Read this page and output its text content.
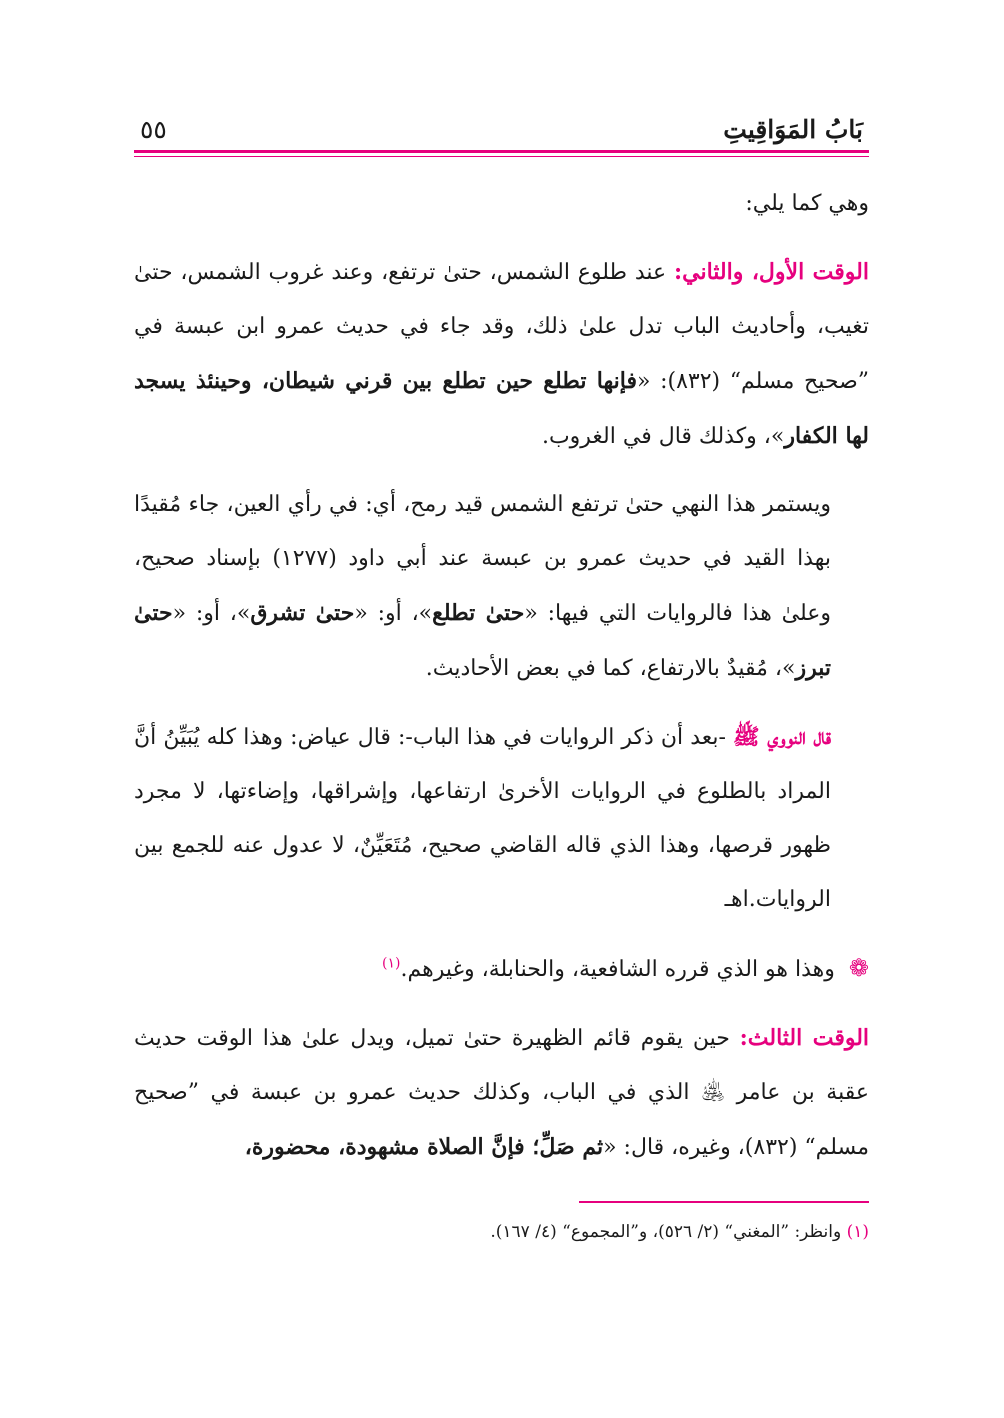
بَابُ المَوَاقِيتِ
٥٥

وهي كما يلي:

الوقت الأول، والثاني: عند طلوع الشمس، حتىٰ ترتفع، وعند غروب الشمس، حتىٰ تغيب، وأحاديث الباب تدل علىٰ ذلك، وقد جاء في حديث عمرو ابن عبسة في ”صحيح مسلم“ (٨٣٢): «فإنها تطلع حين تطلع بين قرني شيطان، وحينئذ يسجد لها الكفار»، وكذلك قال في الغروب.

ويستمر هذا النهي حتىٰ ترتفع الشمس قيد رمح، أي: في رأي العين، جاء مُقيدًا بهذا القيد في حديث عمرو بن عبسة عند أبي داود (١٢٧٧) بإسناد صحيح، وعلىٰ هذا فالروايات التي فيها: «حتىٰ تطلع»، أو: «حتىٰ تشرق»، أو: «حتىٰ تبرز»، مُقيدٌ بالارتفاع، كما في بعض الأحاديث.

قال النووي ﷺ -بعد أن ذكر الروايات في هذا الباب-: قال عياض: وهذا كله يُبَيِّنُ أنَّ المراد بالطلوع في الروايات الأخرىٰ ارتفاعها، وإشراقها، وإضاءتها، لا مجرد ظهور قرصها، وهذا الذي قاله القاضي صحيح، مُتَعَيِّنٌ، لا عدول عنه للجمع بين الروايات.اهـ

❁وهذا هو الذي قرره الشافعية، والحنابلة، وغيرهم.$^{(١)}$

الوقت الثالث: حين يقوم قائم الظهيرة حتىٰ تميل، ويدل علىٰ هذا الوقت حديث عقبة بن عامر ﵁ الذي في الباب، وكذلك حديث عمرو بن عبسة في ”صحيح مسلم“ (٨٣٢)، وغيره، قال: «ثم صَلِّ؛ فإنَّ الصلاة مشهودة، محضورة،

(١) وانظر: ”المغني“ (٢/ ٥٢٦)، و”المجموع“ (٤/ ١٦٧).
